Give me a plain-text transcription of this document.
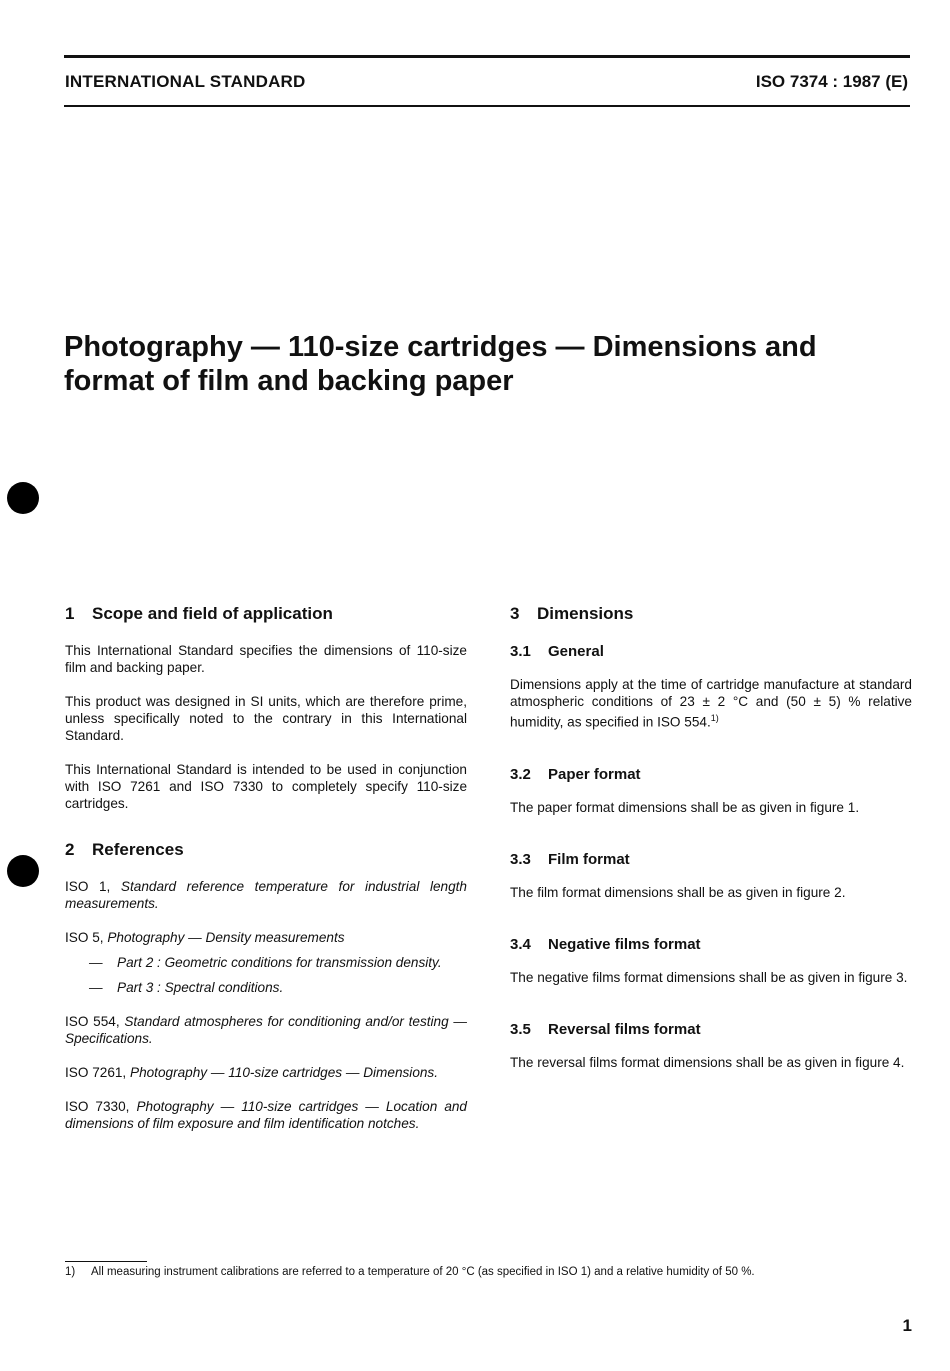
INTERNATIONAL STANDARD	ISO 7374 : 1987 (E)
Photography — 110-size cartridges — Dimensions and
format of film and backing paper
1 Scope and field of application

This International Standard specifies the dimensions of 110-size film and backing paper.

This product was designed in SI units, which are therefore prime, unless specifically noted to the contrary in this International Standard.

This International Standard is intended to be used in conjunction with ISO 7261 and ISO 7330 to completely specify 110-size cartridges.

2 References

ISO 1, Standard reference temperature for industrial length measurements.

ISO 5, Photography — Density measurements

—	Part 2 : Geometric conditions for transmission density.
—	Part 3 : Spectral conditions.

ISO 554, Standard atmospheres for conditioning and/or testing — Specifications.

ISO 7261, Photography — 110-size cartridges — Dimensions.

ISO 7330, Photography — 110-size cartridges — Location and dimensions of film exposure and film identification notches.

3 Dimensions
3.1 General

Dimensions apply at the time of cartridge manufacture at standard atmospheric conditions of 23 ± 2 °C and (50 ± 5) % relative humidity, as specified in ISO 554.$^{1)}$

3.2 Paper format

The paper format dimensions shall be as given in figure 1.

3.3 Film format

The film format dimensions shall be as given in figure 2.

3.4 Negative films format

The negative films format dimensions shall be as given in figure 3.

3.5 Reversal films format

The reversal films format dimensions shall be as given in figure 4.

1) All measuring instrument calibrations are referred to a temperature of 20 °C (as specified in ISO 1) and a relative humidity of 50 %.
1
